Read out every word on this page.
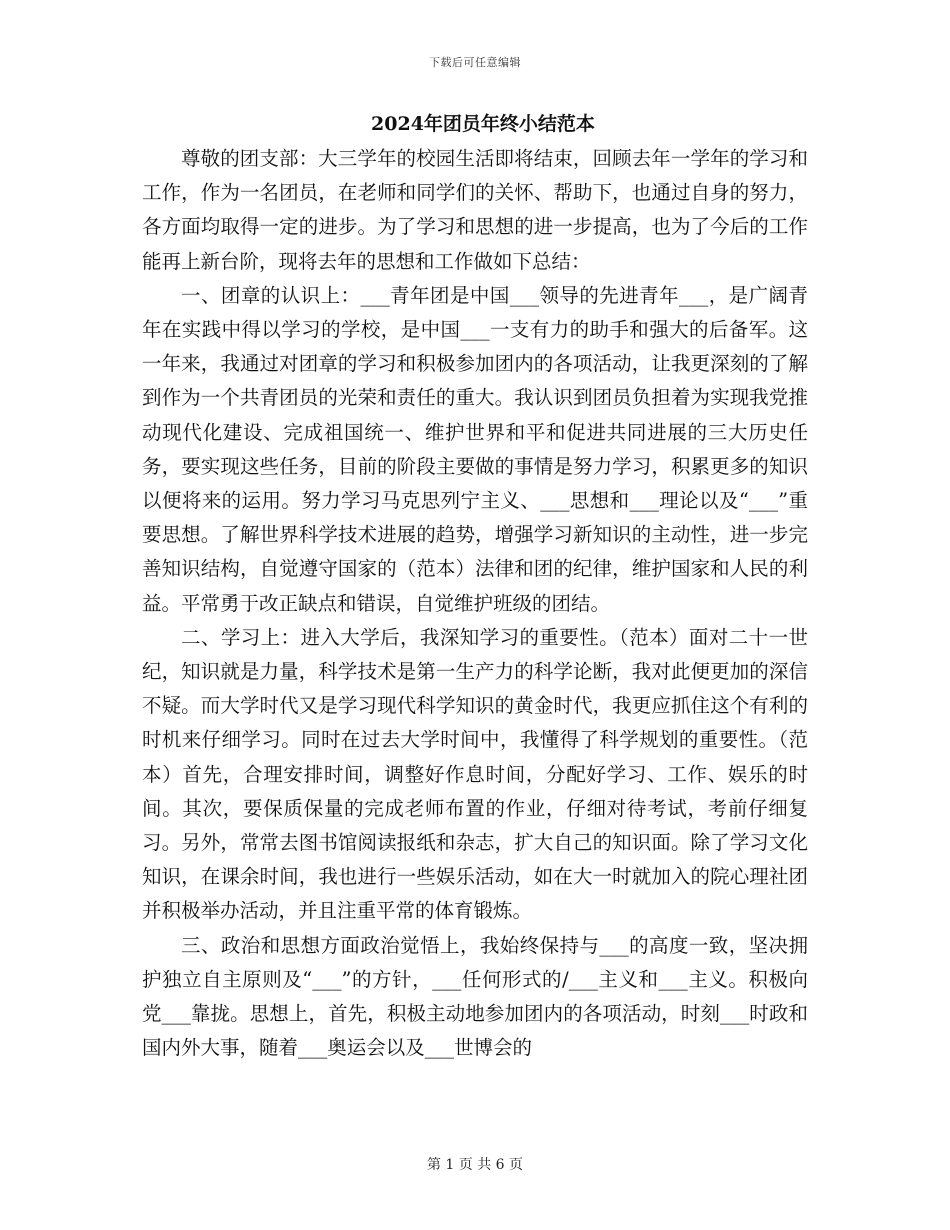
下载后可任意编辑
2024年团员年终小结范本

尊敬的团支部：大三学年的校园生活即将结束，回顾去年一学年的学习和工作，作为一名团员，在老师和同学们的关怀、帮助下，也通过自身的努力，各方面均取得一定的进步。为了学习和思想的进一步提高，也为了今后的工作能再上新台阶，现将去年的思想和工作做如下总结：

一、团章的认识上：___青年团是中国___领导的先进青年___，是广阔青年在实践中得以学习的学校，是中国___一支有力的助手和强大的后备军。这一年来，我通过对团章的学习和积极参加团内的各项活动，让我更深刻的了解到作为一个共青团员的光荣和责任的重大。我认识到团员负担着为实现我党推动现代化建设、完成祖国统一、维护世界和平和促进共同进展的三大历史任务，要实现这些任务，目前的阶段主要做的事情是努力学习，积累更多的知识以便将来的运用。努力学习马克思列宁主义、___思想和___理论以及“___”重要思想。了解世界科学技术进展的趋势，增强学习新知识的主动性，进一步完善知识结构，自觉遵守国家的（范本）法律和团的纪律，维护国家和人民的利益。平常勇于改正缺点和错误，自觉维护班级的团结。

二、学习上：进入大学后，我深知学习的重要性。（范本）面对二十一世纪，知识就是力量，科学技术是第一生产力的科学论断，我对此便更加的深信不疑。而大学时代又是学习现代科学知识的黄金时代，我更应抓住这个有利的时机来仔细学习。同时在过去大学时间中，我懂得了科学规划的重要性。（范本）首先，合理安排时间，调整好作息时间，分配好学习、工作、娱乐的时间。其次，要保质保量的完成老师布置的作业，仔细对待考试，考前仔细复习。另外，常常去图书馆阅读报纸和杂志，扩大自己的知识面。除了学习文化知识，在课余时间，我也进行一些娱乐活动，如在大一时就加入的院心理社团并积极举办活动，并且注重平常的体育锻炼。

三、政治和思想方面政治觉悟上，我始终保持与___的高度一致，坚决拥护独立自主原则及“___”的方针，___任何形式的/___主义和___主义。积极向党___靠拢。思想上，首先，积极主动地参加团内的各项活动，时刻___时政和国内外大事，随着___奥运会以及___世博会的

第 1 页 共 6 页
